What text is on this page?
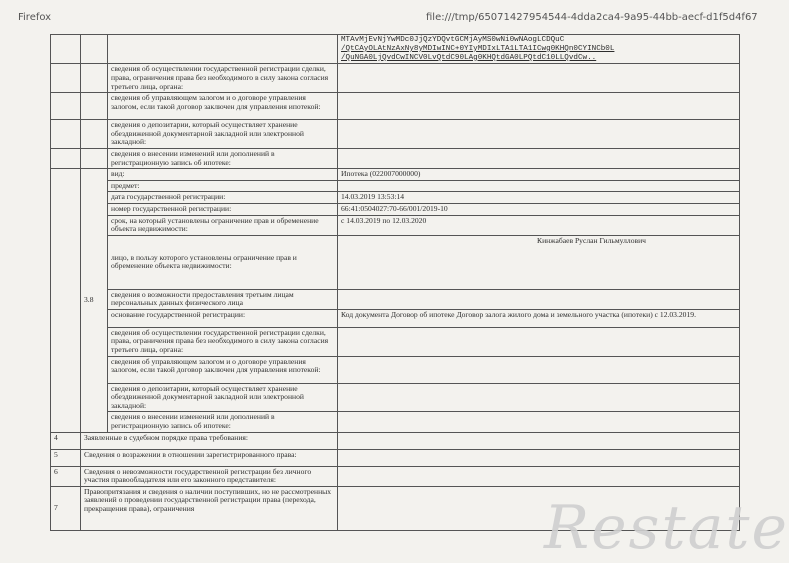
Firefox	file:///tmp/65071427954544-4dda2ca4-9a95-44bb-aecf-d1f5d4f67

			MTAvMjEvNjYwMDc0JjQzYDQvtGCMjAyMS0wNi0wNAogLCDQuC
/QtCAyOLAtNzAxNy8yMDIwINC+0YIyMDIxLTA1LTA1ICwg0KHQn0CYINCb0L
/QuNGA0LjQvdCwINCV0LvQtdC90LAg0KHQtdGA0LPQtdC10LLQvdCw..

		сведения об осуществлении государственной регистрации сделки, права, ограничения права без необходимого в силу закона согласия третьего лица, органа:	
		сведения об управляющем залогом и о договоре управления залогом, если такой договор заключен для управления ипотекой:	
		сведения о депозитарии, который осуществляет хранение обездвиженной документарной закладной или электронной закладной:	
		сведения о внесении изменений или дополнений в регистрационную запись об ипотеке:	
	3.8	вид:	Ипотека (022007000000)
		предмет:	
		дата государственной регистрации:	14.03.2019 13:53:14
		номер государственной регистрации:	66:41:0504027:70-66/001/2019-10
		срок, на который установлены ограничение прав и обременение объекта недвижимости:	с 14.03.2019 по 12.03.2020
		лицо, в пользу которого установлены ограничение прав и обременение объекта недвижимости:	Кинжабаев Руслан Гильмуллович

		сведения о возможности предоставления третьим лицам персональных данных физического лица	
		основание государственной регистрации:	Код документа Договор об ипотеке Договор залога жилого дома и земельного участка (ипотеки) с 12.03.2019.
		сведения об осуществлении государственной регистрации сделки, права, ограничения права без необходимого в силу закона согласия третьего лица, органа:	
		сведения об управляющем залогом и о договоре управления залогом, если такой договор заключен для управления ипотекой:	
		сведения о депозитарии, который осуществляет хранение обездвиженной документарной закладной или электронной закладной:	
		сведения о внесении изменений или дополнений в регистрационную запись об ипотеке:	
4	Заявленные в судебном порядке права требования:		
5	Сведения о возражении в отношении зарегистрированного права:		
6	Сведения о невозможности государственной регистрации без личного участия правообладателя или его законного представителя:		
7	Правопритязания и сведения о наличии поступивших, но не рассмотренных заявлений о проведении государственной регистрации права (перехода, прекращения права), ограничения			Restate
